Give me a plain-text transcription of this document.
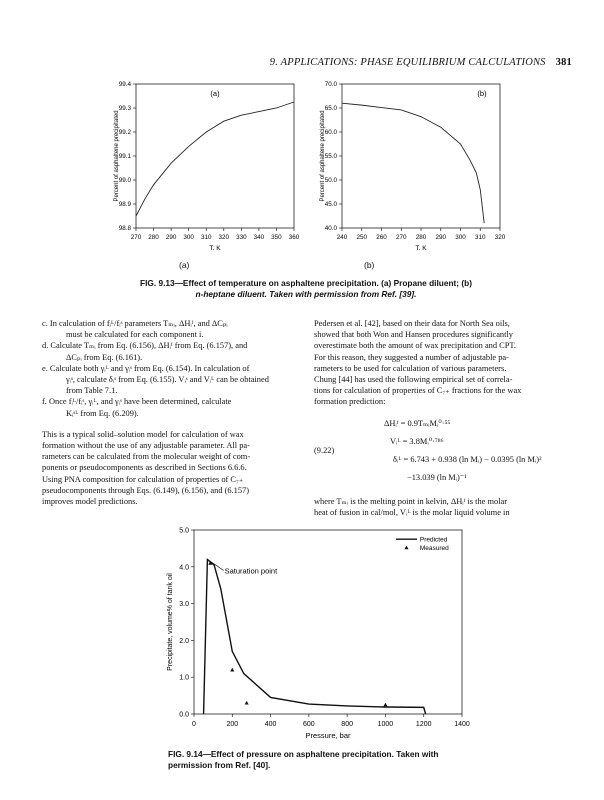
9. APPLICATIONS: PHASE EQUILIBRIUM CALCULATIONS 381
270 280 290 300 310 320 330 340 350 360
98.8
98.9
99.0
99.1
99.2
99.3
99.4
T, K
Percent of asphaltene precipitated
(a)
240 250 260 270 280 290 300 310 320
40.0
45.0
50.0
55.0
60.0
65.0
70.0
T, K
Percent of asphaltene precipitated
(b)
(a)	(b)
FIG. 9.13—Effect of temperature on asphaltene precipitation. (a) Propane diluent; (b)
n-heptane diluent. Taken with permission from Ref. [39].

c. In calculation of fᵢᴸ/fᵢˢ parameters Tₘᵢ, ΔHᵢᶠ, and ΔCₚᵢ
must be calculated for each component i.

d. Calculate Tₘᵢ from Eq. (6.156), ΔHᵢᶠ from Eq. (6.157), and
ΔCₚᵢ from Eq. (6.161).

e. Calculate both γᵢᴸ and γᵢˢ from Eq. (6.154). In calculation of
γᵢˢ, calculate δᵢˢ from Eq. (6.155). Vᵢˢ and Vᵢᴸ can be obtained
from Table 7.1.

f. Once fᵢᴸ/fᵢˢ, γᵢᴸ, and γᵢˢ have been determined, calculate
Kᵢˢᴸ from Eq. (6.209).

This is a typical solid–solution model for calculation of wax
formation without the use of any adjustable parameter. All pa-
rameters can be calculated from the molecular weight of com-
ponents or pseudocomponents as described in Sections 6.6.6.
Using PNA composition for calculation of properties of C₇₊
pseudocomponents through Eqs. (6.149), (6.156), and (6.157)
improves model predictions.

Pedersen et al. [42], based on their data for North Sea oils,
showed that both Won and Hansen procedures significantly
overestimate both the amount of wax precipitation and CPT.
For this reason, they suggested a number of adjustable pa-
rameters to be used for calculation of various parameters.
Chung [44] has used the following empirical set of correla-
tions for calculation of properties of C₇₊ fractions for the wax
formation prediction:

(9.22)
ΔHᵢᶠ = 0.9TₘᵢMᵢ⁰·⁵⁵
Vᵢᴸ = 3.8Mᵢ⁰·⁷⁸⁶
δᵢᴸ = 6.743 + 0.938 (ln Mᵢ) − 0.0395 (ln Mᵢ)²
−13.039 (ln Mᵢ)⁻¹

where Tₘᵢ is the melting point in kelvin, ΔHᵢᶠ is the molar
heat of fusion in cal/mol, Vᵢᴸ is the molar liquid volume in

0	200	400	600	800	1000	1200	1400
0.0
1.0
2.0
3.0
4.0
5.0
Saturation point
Predicted
Measured
Pressure, bar
Precipitate, volume% of tank oil
FIG. 9.14—Effect of pressure on asphaltene precipitation. Taken with
permission from Ref. [40].
